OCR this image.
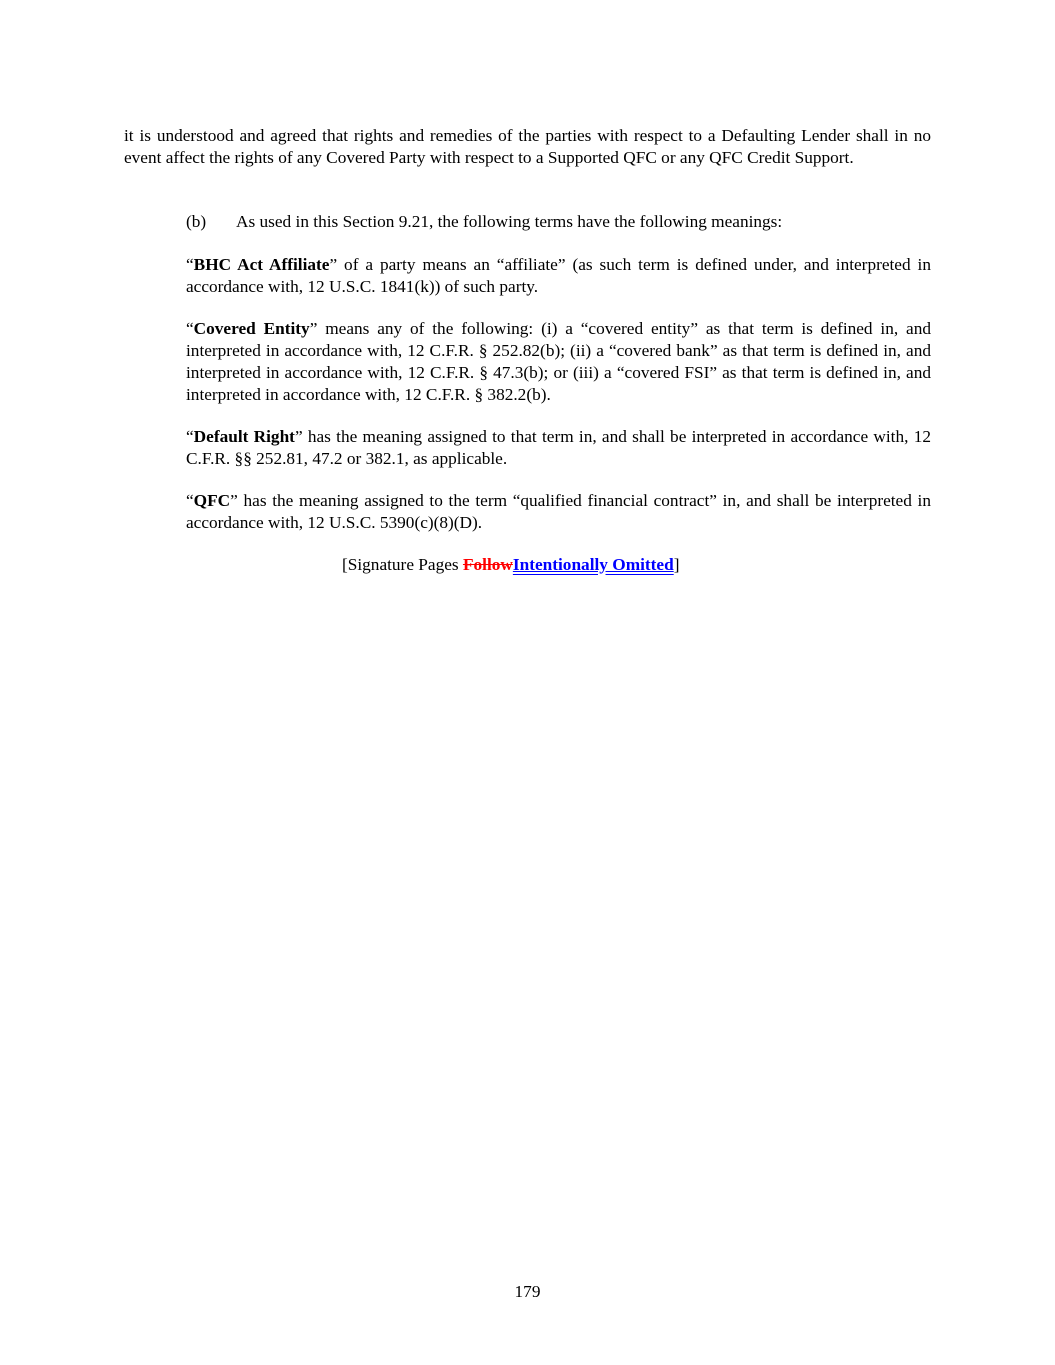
it is understood and agreed that rights and remedies of the parties with respect to a Defaulting Lender shall in no event affect the rights of any Covered Party with respect to a Supported QFC or any QFC Credit Support.

(b) As used in this Section 9.21, the following terms have the following meanings:

“BHC Act Affiliate” of a party means an “affiliate” (as such term is defined under, and interpreted in accordance with, 12 U.S.C. 1841(k)) of such party.

“Covered Entity” means any of the following: (i) a “covered entity” as that term is defined in, and interpreted in accordance with, 12 C.F.R. § 252.82(b); (ii) a “covered bank” as that term is defined in, and interpreted in accordance with, 12 C.F.R. § 47.3(b); or (iii) a “covered FSI” as that term is defined in, and interpreted in accordance with, 12 C.F.R. § 382.2(b).

“Default Right” has the meaning assigned to that term in, and shall be interpreted in accordance with, 12 C.F.R. §§ 252.81, 47.2 or 382.1, as applicable.

“QFC” has the meaning assigned to the term “qualified financial contract” in, and shall be interpreted in accordance with, 12 U.S.C. 5390(c)(8)(D).

[Signature Pages FollowIntentionally Omitted]

179
